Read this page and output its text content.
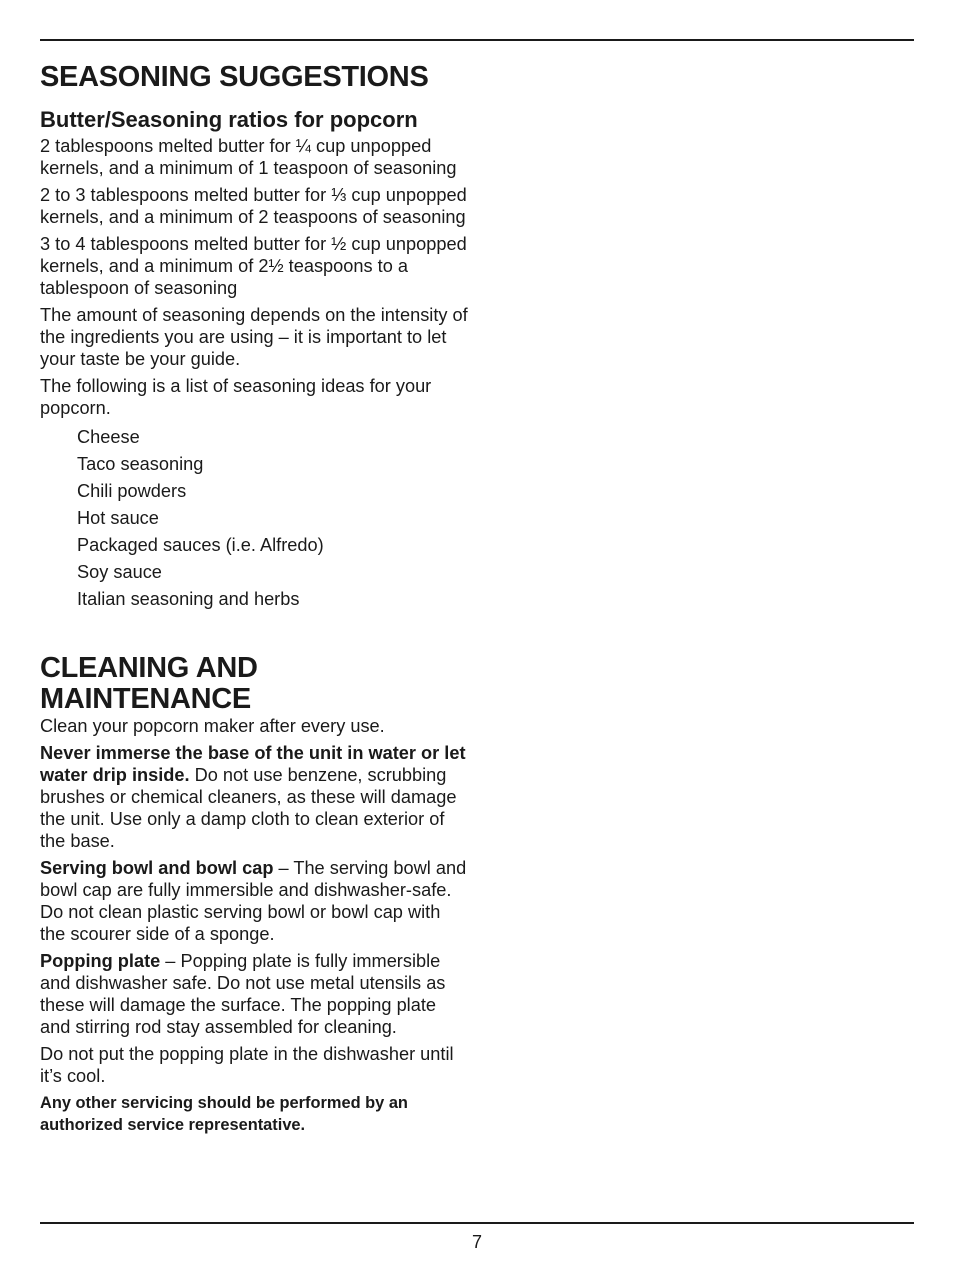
SEASONING SUGGESTIONS
Butter/Seasoning ratios for popcorn

2 tablespoons melted butter for ¼ cup unpopped kernels, and a minimum of 1 teaspoon of seasoning

2 to 3 tablespoons melted butter for ⅓ cup unpopped kernels, and a minimum of 2 teaspoons of seasoning

3 to 4 tablespoons melted butter for ½ cup unpopped kernels, and a minimum of 2½ teaspoons to a tablespoon of seasoning

The amount of seasoning depends on the intensity of the ingredients you are using – it is important to let your taste be your guide.

The following is a list of seasoning ideas for your popcorn.

Cheese
Taco seasoning
Chili powders
Hot sauce
Packaged sauces (i.e. Alfredo)
Soy sauce
Italian seasoning and herbs
CLEANING AND
MAINTENANCE

Clean your popcorn maker after every use.

Never immerse the base of the unit in water or let water drip inside. Do not use benzene, scrubbing brushes or chemical cleaners, as these will damage the unit. Use only a damp cloth to clean exterior of the base.

Serving bowl and bowl cap – The serving bowl and bowl cap are fully immersible and dishwasher-safe. Do not clean plastic serving bowl or bowl cap with the scourer side of a sponge.

Popping plate – Popping plate is fully immersible and dishwasher safe. Do not use metal utensils as these will damage the surface. The popping plate and stirring rod stay assembled for cleaning.

Do not put the popping plate in the dishwasher until it’s cool.

Any other servicing should be performed by an authorized service representative.

7
